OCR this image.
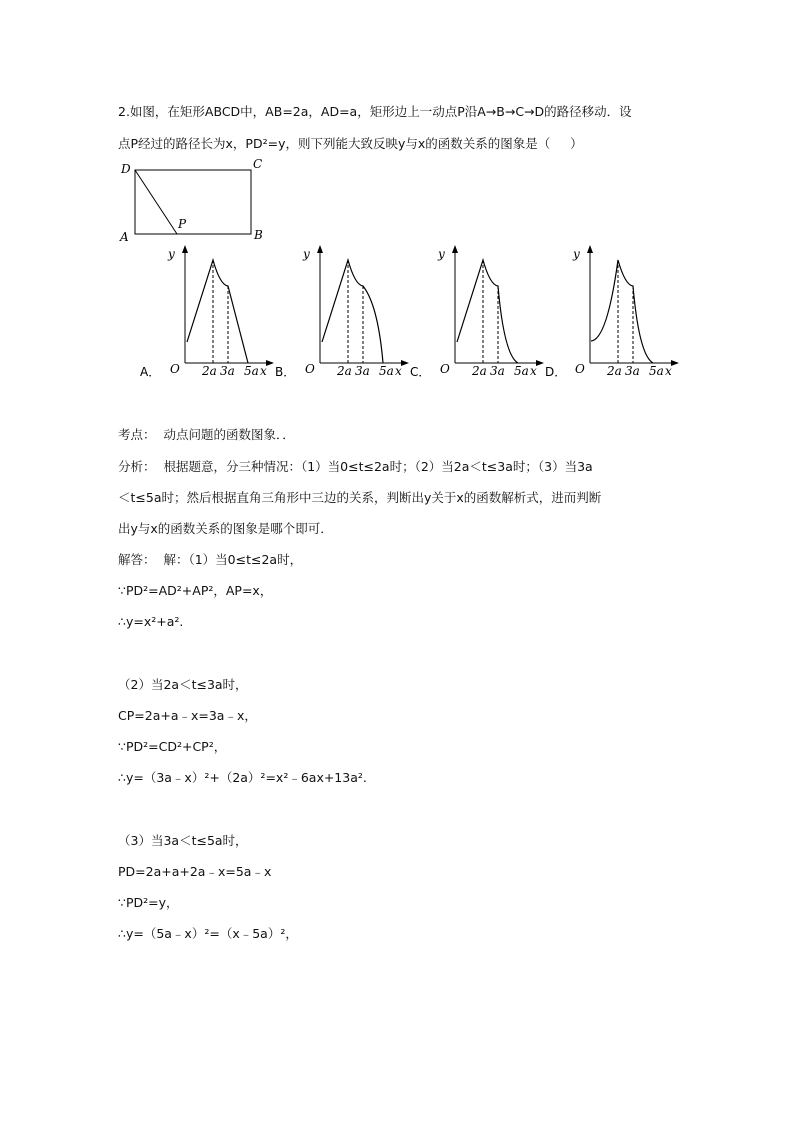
2.如图，在矩形ABCD中，AB=2a，AD=a，矩形边上一动点P沿A→B→C→D的路径移动．设
点P经过的路径长为x，PD²=y，则下列能大致反映y与x的函数关系的图象是（     ）
D	C
A	B
P
y
O 2a 3a 5a x
A．
y
O 2a 3a 5a x
B．
y
O 2a 3a 5a x
C．
y
O 2a 3a 5a x
D．
考点： 动点问题的函数图象．．
分析：  根据题意，分三种情况：（1）当0≤t≤2a时；（2）当2a＜t≤3a时；（3）当3a
＜t≤5a时；然后根据直角三角形中三边的关系，判断出y关于x的函数解析式，进而判断
出y与x的函数关系的图象是哪个即可．
解答：  解：（1）当0≤t≤2a时，
∵PD²=AD²+AP²，AP=x，
∴y=x²+a².
（2）当2a＜t≤3a时，
CP=2a+a﹣x=3a﹣x，
∵PD²=CD²+CP²，
∴y=（3a﹣x）²+（2a）²=x²﹣6ax+13a².
（3）当3a＜t≤5a时，
PD=2a+a+2a﹣x=5a﹣x
∵PD²=y，
∴y=（5a﹣x）²=（x﹣5a）²，
